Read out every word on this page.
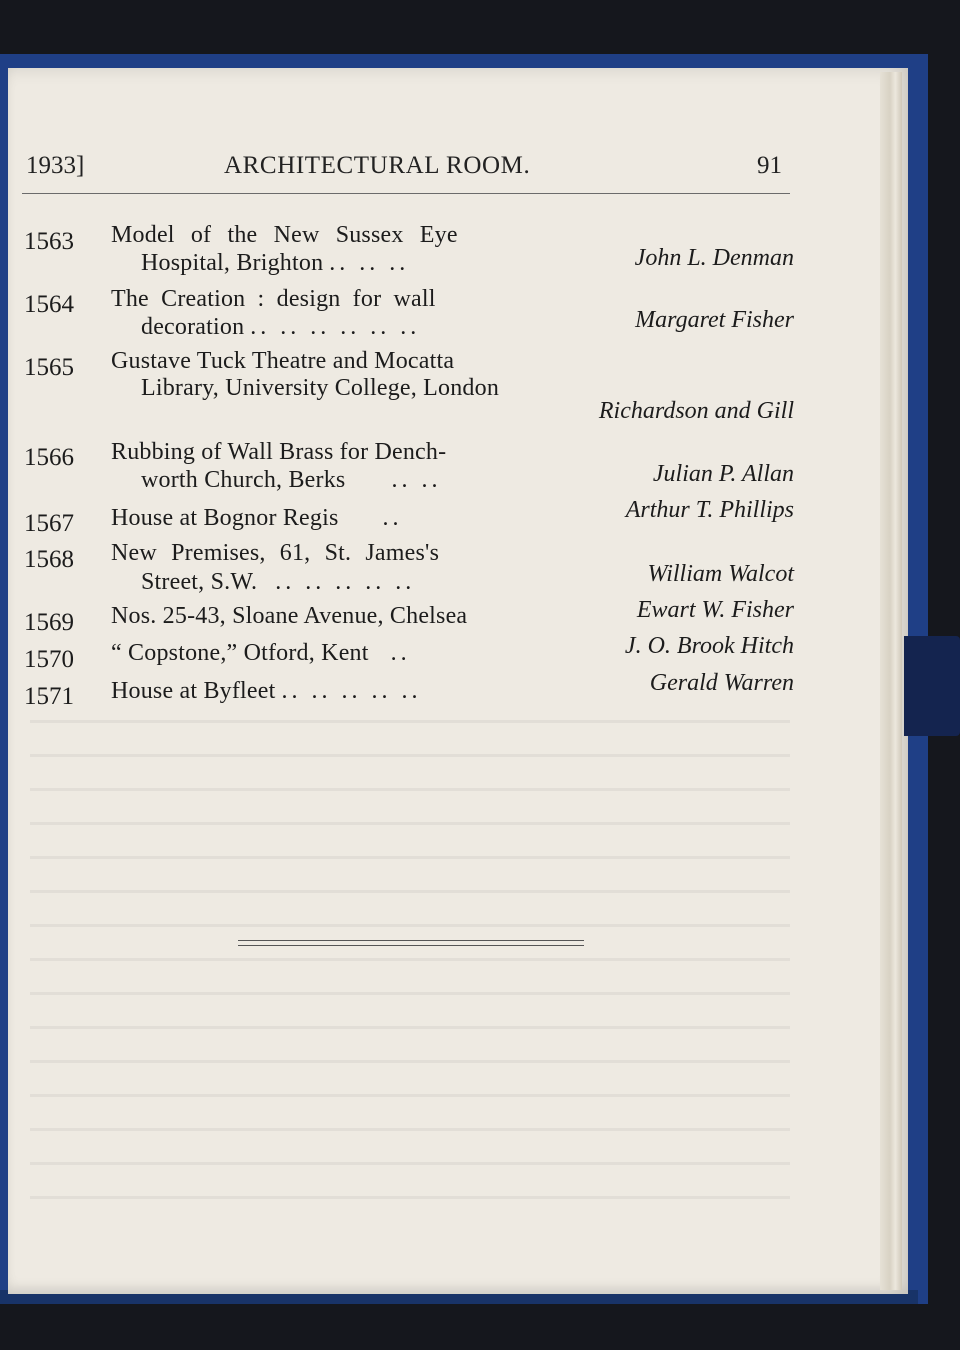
1933]	ARCHITECTURAL ROOM.	91
1563 Model of the New Sussex Eye
Hospital, Brighton .. .. ..	John L. Denman
1564 The Creation : design for wall
decoration .. .. .. .. .. ..	Margaret Fisher
1565 Gustave Tuck Theatre and Mocatta
Library, University College, London
Richardson and Gill
1566 Rubbing of Wall Brass for Dench-
worth Church, Berks .. ..	Julian P. Allan
1567 House at Bognor Regis ..	Arthur T. Phillips
1568 New Premises, 61, St. James's
Street, S.W. .. .. .. .. ..	William Walcot
1569 Nos. 25-43, Sloane Avenue, Chelsea	Ewart W. Fisher
1570 “ Copstone,” Otford, Kent ..	J. O. Brook Hitch
1571 House at Byfleet .. .. .. .. ..	Gerald Warren
